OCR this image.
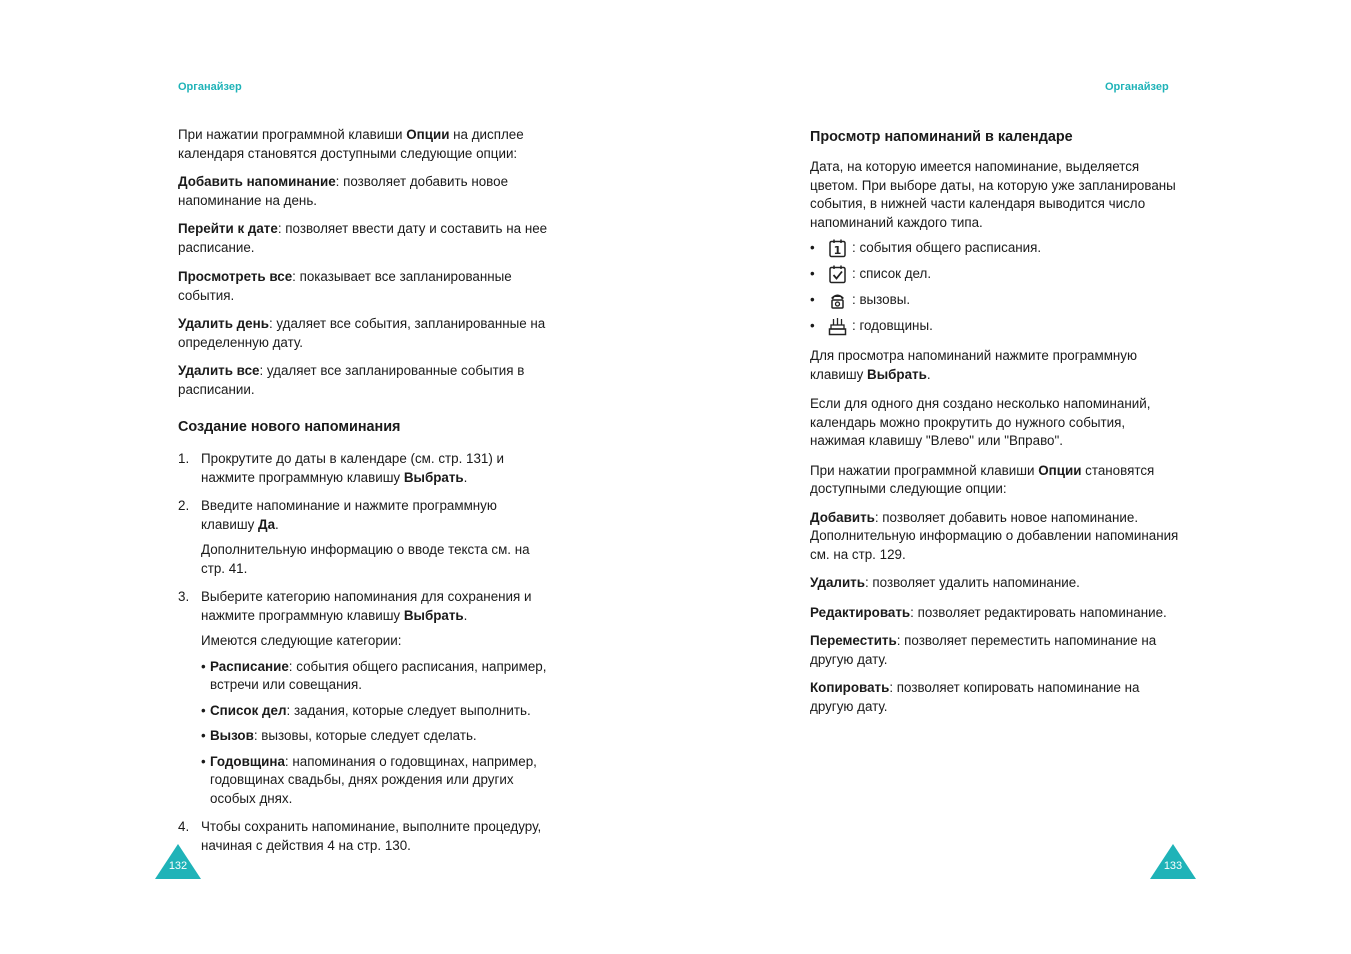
Органайзер

При нажатии программной клавиши Опции на дисплее календаря становятся доступными следующие опции:

Добавить напоминание: позволяет добавить новое напоминание на день.

Перейти к дате: позволяет ввести дату и составить на нее расписание.

Просмотреть все: показывает все запланированные события.

Удалить день: удаляет все события, запланированные на определенную дату.

Удалить все: удаляет все запланированные события в расписании.

Создание нового напоминания
1. Прокрутите до даты в календаре (см. стр. 131) и нажмите программную клавишу Выбрать.
2. Введите напоминание и нажмите программную клавишу Да.

Дополнительную информацию о вводе текста см. на стр. 41.

3. Выберите категорию напоминания для сохранения и нажмите программную клавишу Выбрать.

Имеются следующие категории:

• Расписание: события общего расписания, например, встречи или совещания.
• Список дел: задания, которые следует выполнить.
• Вызов: вызовы, которые следует сделать.
• Годовщина: напоминания о годовщинах, например, годовщинах свадьбы, днях рождения или других особых днях.
4. Чтобы сохранить напоминание, выполните процедуру, начиная с действия 4 на стр. 130.
132
Органайзер
Просмотр напоминаний в календаре

Дата, на которую имеется напоминание, выделяется цветом. При выборе даты, на которую уже запланированы события, в нижней части календаря выводится число напоминаний каждого типа.

•	1 : события общего расписания.
•	: список дел.
•	: вызовы.
•	: годовщины.

Для просмотра напоминаний нажмите программную клавишу Выбрать.

Если для одного дня создано несколько напоминаний, календарь можно прокрутить до нужного события, нажимая клавишу "Влево" или "Вправо".

При нажатии программной клавиши Опции становятся доступными следующие опции:

Добавить: позволяет добавить новое напоминание. Дополнительную информацию о добавлении напоминания см. на стр. 129.

Удалить: позволяет удалить напоминание.

Редактировать: позволяет редактировать напоминание.

Переместить: позволяет переместить напоминание на другую дату.

Копировать: позволяет копировать напоминание на другую дату.

133
